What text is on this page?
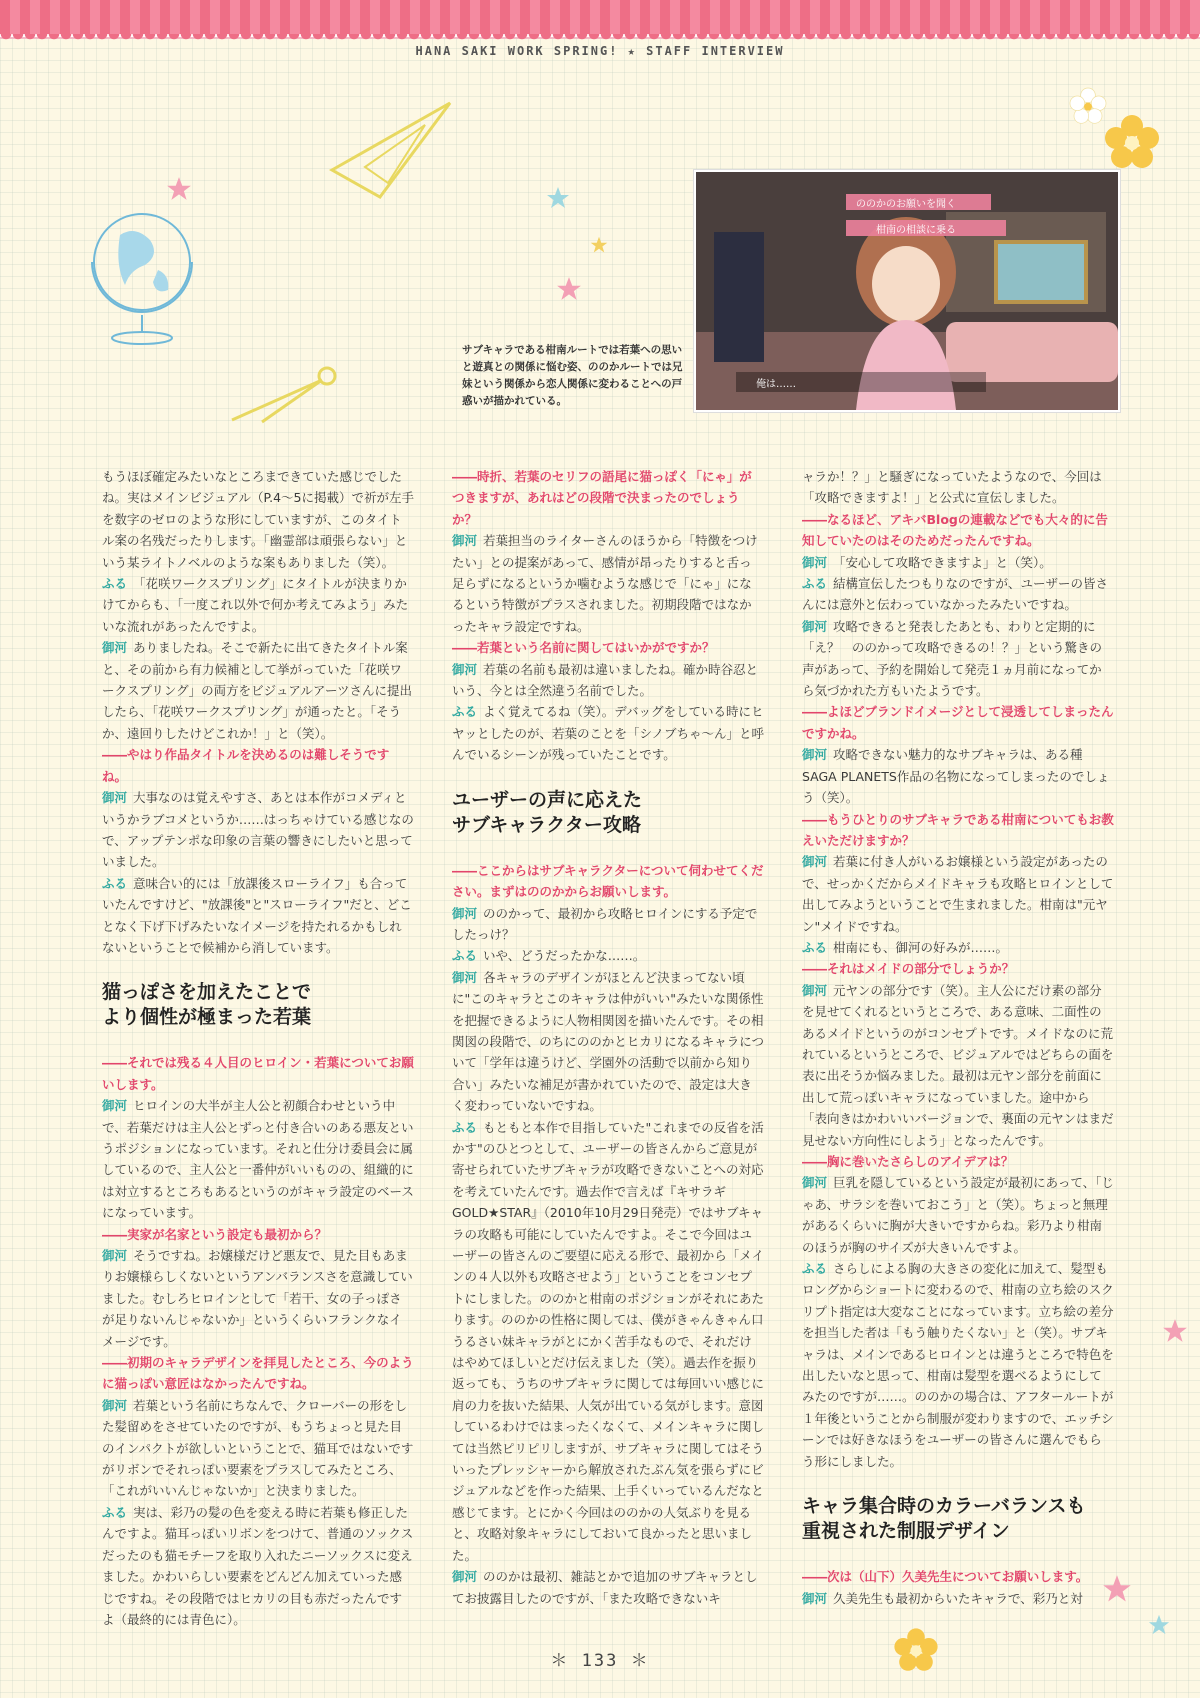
HANA SAKI WORK SPRING! ★ STAFF INTERVIEW
ののかのお願いを聞く
柑南の相談に乗る
俺は……
サブキャラである柑南ルートでは若葉への思いと遊真との関係に悩む姿、ののかルートでは兄妹という関係から恋人関係に変わることへの戸惑いが描かれている。

もうほぼ確定みたいなところまできていた感じでしたね。実はメインビジュアル（P.4〜5に掲載）で祈が左手を数字のゼロのような形にしていますが、このタイトル案の名残だったりします。「幽霊部は頑張らない」という某ライトノベルのような案もありました（笑）。

ふる 「花咲ワークスプリング」にタイトルが決まりかけてからも、「一度これ以外で何か考えてみよう」みたいな流れがあったんですよ。

御河 ありましたね。そこで新たに出てきたタイトル案と、その前から有力候補として挙がっていた「花咲ワークスプリング」の両方をビジュアルアーツさんに提出したら、「花咲ワークスプリング」が通ったと。「そうか、遠回りしたけどこれか！」と（笑）。

――やはり作品タイトルを決めるのは難しそうですね。

御河 大事なのは覚えやすさ、あとは本作がコメディというかラブコメというか……はっちゃけている感じなので、アップテンポな印象の言葉の響きにしたいと思っていました。

ふる 意味合い的には「放課後スローライフ」も合っていたんですけど、"放課後"と"スローライフ"だと、どことなく下げ下げみたいなイメージを持たれるかもしれないということで候補から消しています。

猫っぽさを加えたことで
より個性が極まった若葉

――それでは残る４人目のヒロイン・若葉についてお願いします。

御河 ヒロインの大半が主人公と初顔合わせという中で、若葉だけは主人公とずっと付き合いのある悪友というポジションになっています。それと仕分け委員会に属しているので、主人公と一番仲がいいものの、組織的には対立するところもあるというのがキャラ設定のベースになっています。

――実家が名家という設定も最初から？

御河 そうですね。お嬢様だけど悪友で、見た目もあまりお嬢様らしくないというアンバランスさを意識していました。むしろヒロインとして「若干、女の子っぽさが足りないんじゃないか」というくらいフランクなイメージです。

――初期のキャラデザインを拝見したところ、今のように猫っぽい意匠はなかったんですね。

御河 若葉という名前にちなんで、クローバーの形をした髪留めをさせていたのですが、もうちょっと見た目のインパクトが欲しいということで、猫耳ではないですがリボンでそれっぽい要素をプラスしてみたところ、「これがいいんじゃないか」と決まりました。

ふる 実は、彩乃の髪の色を変える時に若葉も修正したんですよ。猫耳っぽいリボンをつけて、普通のソックスだったのも猫モチーフを取り入れたニーソックスに変えました。かわいらしい要素をどんどん加えていった感じですね。その段階ではヒカリの目も赤だったんですよ（最終的には青色に）。

――時折、若葉のセリフの語尾に猫っぽく「にゃ」がつきますが、あれはどの段階で決まったのでしょうか？

御河 若葉担当のライターさんのほうから「特徴をつけたい」との提案があって、感情が昂ったりすると舌っ足らずになるというか噛むような感じで「にゃ」になるという特徴がプラスされました。初期段階ではなかったキャラ設定ですね。

――若葉という名前に関してはいかがですか？

御河 若葉の名前も最初は違いましたね。確か時谷忍という、今とは全然違う名前でした。

ふる よく覚えてるね（笑）。デバッグをしている時にヒヤッとしたのが、若葉のことを「シノブちゃ〜ん」と呼んでいるシーンが残っていたことです。

ユーザーの声に応えた
サブキャラクター攻略

――ここからはサブキャラクターについて伺わせてください。まずはののかからお願いします。

御河 ののかって、最初から攻略ヒロインにする予定でしたっけ？

ふる いや、どうだったかな……。

御河 各キャラのデザインがほとんど決まってない頃に"このキャラとこのキャラは仲がいい"みたいな関係性を把握できるように人物相関図を描いたんです。その相関図の段階で、のちにののかとヒカリになるキャラについて「学年は違うけど、学園外の活動で以前から知り合い」みたいな補足が書かれていたので、設定は大きく変わっていないですね。

ふる もともと本作で目指していた"これまでの反省を活かす"のひとつとして、ユーザーの皆さんからご意見が寄せられていたサブキャラが攻略できないことへの対応を考えていたんです。過去作で言えば『キサラギGOLD★STAR』（2010年10月29日発売）ではサブキャラの攻略も可能にしていたんですよ。そこで今回はユーザーの皆さんのご要望に応える形で、最初から「メインの４人以外も攻略させよう」ということをコンセプトにしました。ののかと柑南のポジションがそれにあたります。ののかの性格に関しては、僕がきゃんきゃん口うるさい妹キャラがとにかく苦手なもので、それだけはやめてほしいとだけ伝えました（笑）。過去作を振り返っても、うちのサブキャラに関しては毎回いい感じに肩の力を抜いた結果、人気が出ている気がします。意図しているわけではまったくなくて、メインキャラに関しては当然ピリピリしますが、サブキャラに関してはそういったプレッシャーから解放されたぶん気を張らずにビジュアルなどを作った結果、上手くいっているんだなと感じてます。とにかく今回はののかの人気ぶりを見ると、攻略対象キャラにしておいて良かったと思いました。

御河 ののかは最初、雑誌とかで追加のサブキャラとしてお披露目したのですが、「また攻略できないキ

ャラか！？」と騒ぎになっていたようなので、今回は「攻略できますよ！」と公式に宣伝しました。

――なるほど、アキバBlogの連載などでも大々的に告知していたのはそのためだったんですね。

御河 「安心して攻略できますよ」と（笑）。

ふる 結構宣伝したつもりなのですが、ユーザーの皆さんには意外と伝わっていなかったみたいですね。

御河 攻略できると発表したあとも、わりと定期的に「え？　ののかって攻略できるの！？」という驚きの声があって、予約を開始して発売１ヵ月前になってから気づかれた方もいたようです。

――よほどブランドイメージとして浸透してしまったんですかね。

御河 攻略できない魅力的なサブキャラは、ある種SAGA PLANETS作品の名物になってしまったのでしょう（笑）。

――もうひとりのサブキャラである柑南についてもお教えいただけますか？

御河 若葉に付き人がいるお嬢様という設定があったので、せっかくだからメイドキャラも攻略ヒロインとして出してみようということで生まれました。柑南は"元ヤン"メイドですね。

ふる 柑南にも、御河の好みが……。

――それはメイドの部分でしょうか？

御河 元ヤンの部分です（笑）。主人公にだけ素の部分を見せてくれるというところで、ある意味、二面性のあるメイドというのがコンセプトです。メイドなのに荒れているというところで、ビジュアルではどちらの面を表に出そうか悩みました。最初は元ヤン部分を前面に出して荒っぽいキャラになっていました。途中から「表向きはかわいいバージョンで、裏面の元ヤンはまだ見せない方向性にしよう」となったんです。

――胸に巻いたさらしのアイデアは？

御河 巨乳を隠しているという設定が最初にあって、「じゃあ、サラシを巻いておこう」と（笑）。ちょっと無理があるくらいに胸が大きいですからね。彩乃より柑南のほうが胸のサイズが大きいんですよ。

ふる さらしによる胸の大きさの変化に加えて、髪型もロングからショートに変わるので、柑南の立ち絵のスクリプト指定は大変なことになっています。立ち絵の差分を担当した者は「もう触りたくない」と（笑）。サブキャラは、メインであるヒロインとは違うところで特色を出したいなと思って、柑南は髪型を選べるようにしてみたのですが……。ののかの場合は、アフタールートが１年後ということから制服が変わりますので、エッチシーンでは好きなほうをユーザーの皆さんに選んでもらう形にしました。

キャラ集合時のカラーバランスも
重視された制服デザイン

――次は（山下）久美先生についてお願いします。

御河 久美先生も最初からいたキャラで、彩乃と対

＊ 133 ＊
